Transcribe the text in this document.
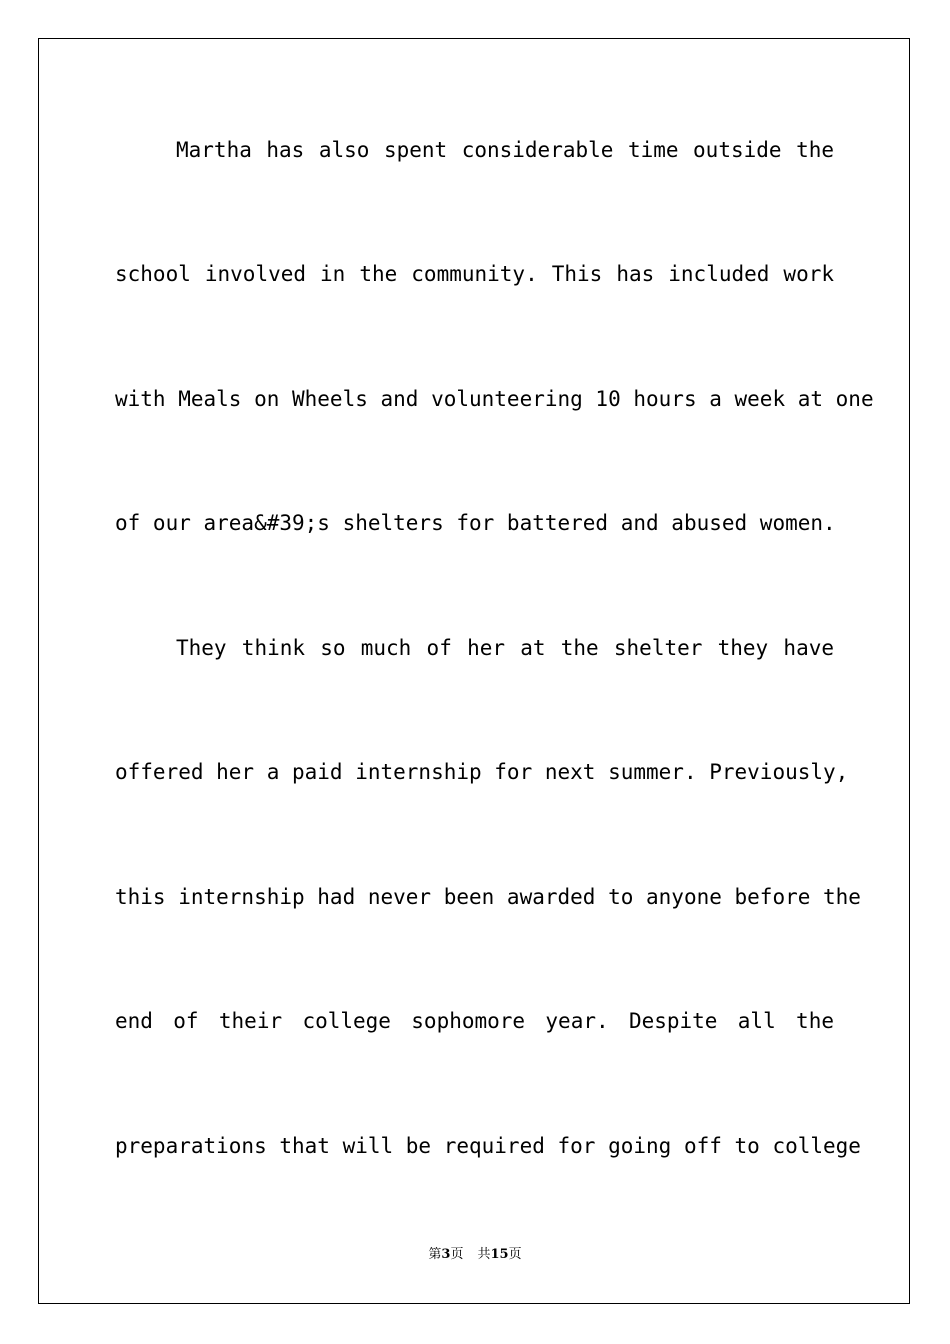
Martha has also spent considerable time outside the
school involved in the community. This has included work
with Meals on Wheels and volunteering 10 hours a week at one
of our area&#39;s shelters for battered and abused women.
They think so much of her at the shelter they have
offered her a paid internship for next summer. Previously,
this internship had never been awarded to anyone before the
end of their college sophomore year. Despite all the
preparations that will be required for going off to college
第3页 共15页
